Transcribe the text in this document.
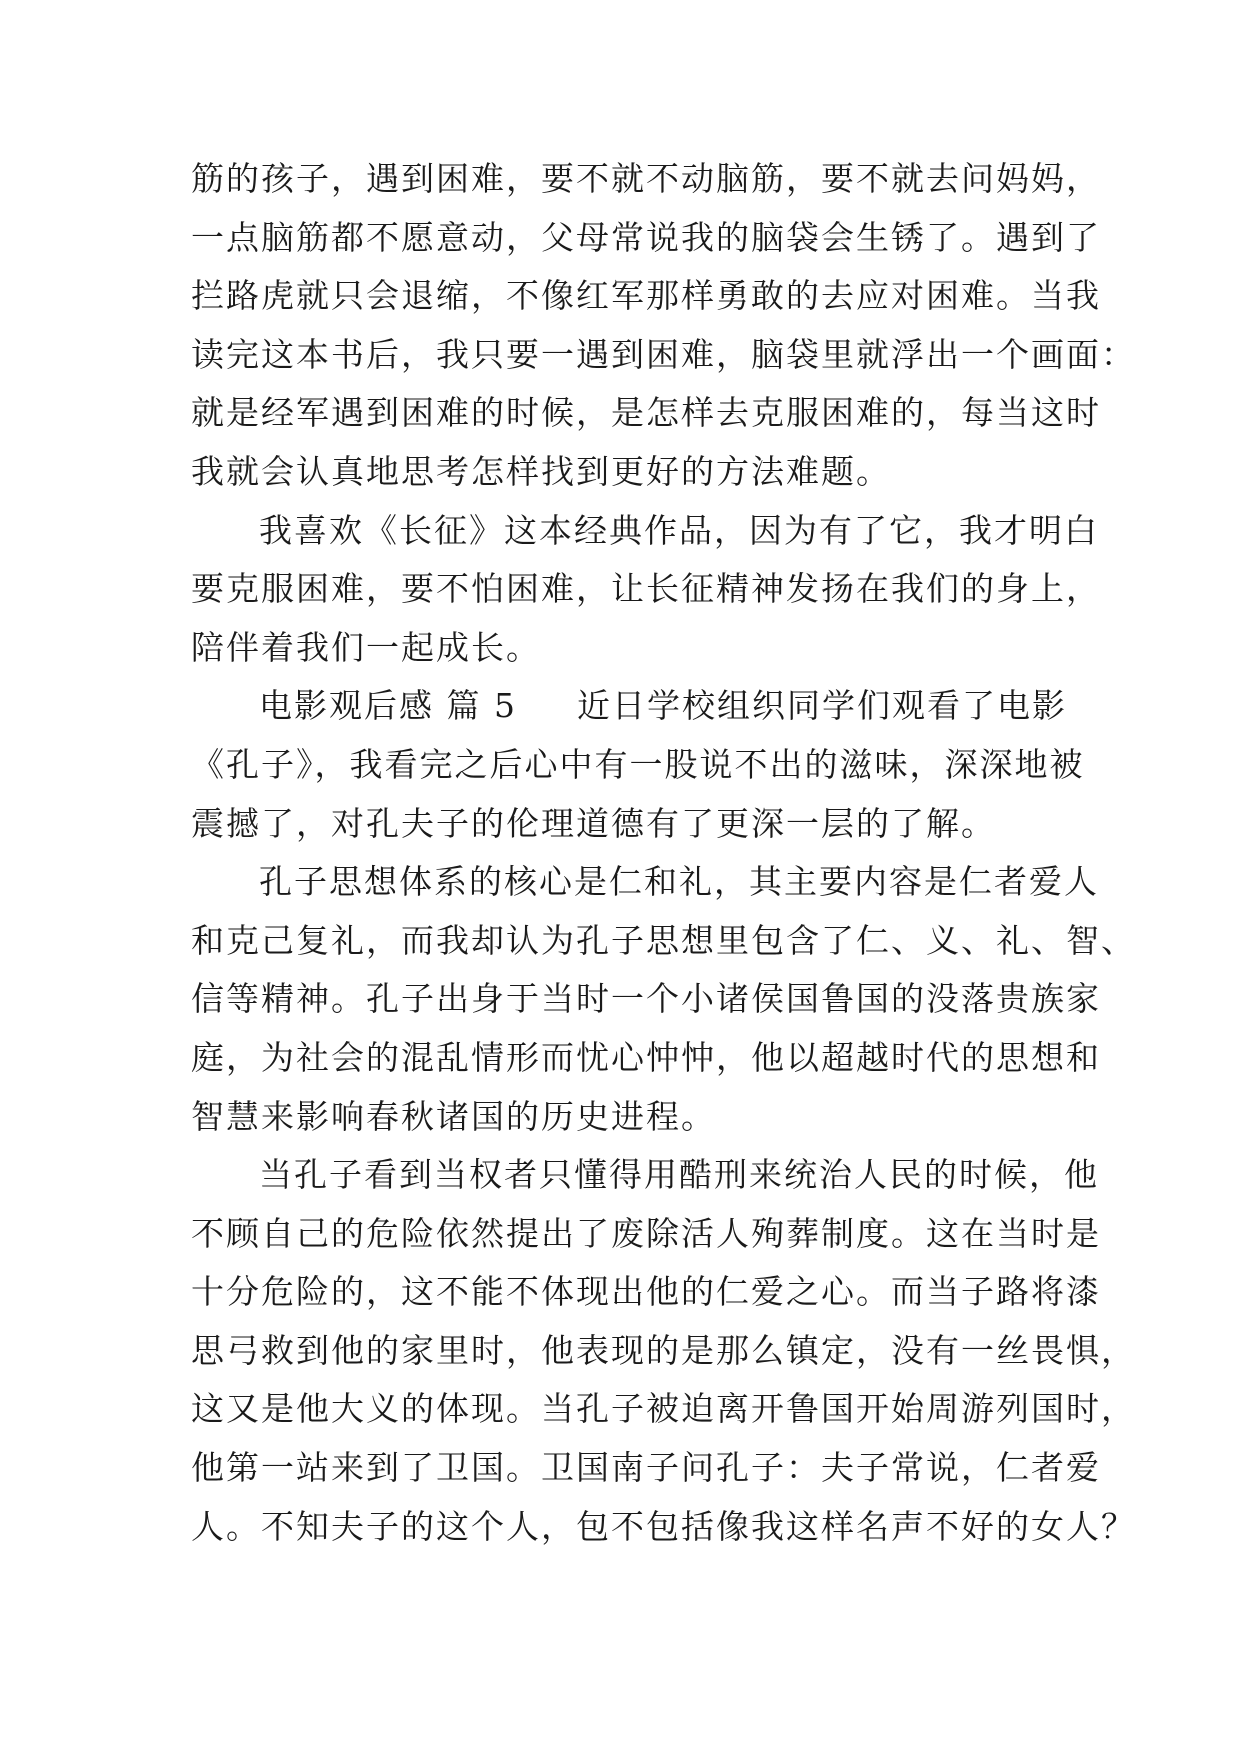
筋的孩子，遇到困难，要不就不动脑筋，要不就去问妈妈，
一点脑筋都不愿意动，父母常说我的脑袋会生锈了。遇到了
拦路虎就只会退缩，不像红军那样勇敢的去应对困难。当我
读完这本书后，我只要一遇到困难，脑袋里就浮出一个画面：
就是经军遇到困难的时候，是怎样去克服困难的，每当这时
我就会认真地思考怎样找到更好的方法难题。
我喜欢《长征》这本经典作品，因为有了它，我才明白
要克服困难，要不怕困难，让长征精神发扬在我们的身上，
陪伴着我们一起成长。
电影观后感 篇 5 近日学校组织同学们观看了电影
《孔子》，我看完之后心中有一股说不出的滋味，深深地被
震撼了，对孔夫子的伦理道德有了更深一层的了解。
孔子思想体系的核心是仁和礼，其主要内容是仁者爱人
和克己复礼，而我却认为孔子思想里包含了仁、义、礼、智、
信等精神。孔子出身于当时一个小诸侯国鲁国的没落贵族家
庭，为社会的混乱情形而忧心忡忡，他以超越时代的思想和
智慧来影响春秋诸国的历史进程。
当孔子看到当权者只懂得用酷刑来统治人民的时候，他
不顾自己的危险依然提出了废除活人殉葬制度。这在当时是
十分危险的，这不能不体现出他的仁爱之心。而当子路将漆
思弓救到他的家里时，他表现的是那么镇定，没有一丝畏惧，
这又是他大义的体现。当孔子被迫离开鲁国开始周游列国时，
他第一站来到了卫国。卫国南子问孔子：夫子常说，仁者爱
人。不知夫子的这个人，包不包括像我这样名声不好的女人？
